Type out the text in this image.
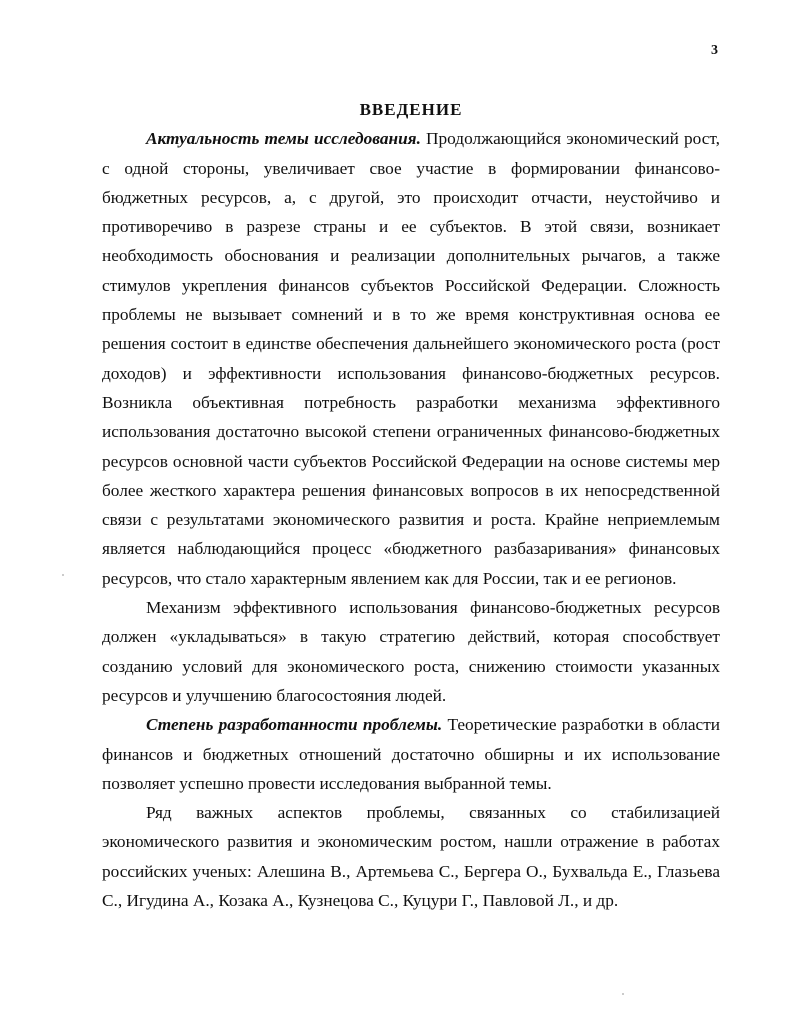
3
ВВЕДЕНИЕ

Актуальность темы исследования. Продолжающийся экономический рост, с одной стороны, увеличивает свое участие в формировании финансово-бюджетных ресурсов, а, с другой, это происходит отчасти, неустойчиво и противоречиво в разрезе страны и ее субъектов. В этой связи, возникает необходимость обоснования и реализации дополнительных рычагов, а также стимулов укрепления финансов субъектов Российской Федерации. Сложность проблемы не вызывает сомнений и в то же время конструктивная основа ее решения состоит в единстве обеспечения дальнейшего экономического роста (рост доходов) и эффективности использования финансово-бюджетных ресурсов. Возникла объективная потребность разработки механизма эффективного использования достаточно высокой степени ограниченных финансово-бюджетных ресурсов основной части субъектов Российской Федерации на основе системы мер более жесткого характера решения финансовых вопросов в их непосредственной связи с результатами экономического развития и роста. Крайне неприемлемым является наблюдающийся процесс «бюджетного разбазаривания» финансовых ресурсов, что стало характерным явлением как для России, так и ее регионов.

Механизм эффективного использования финансово-бюджетных ресурсов должен «укладываться» в такую стратегию действий, которая способствует созданию условий для экономического роста, снижению стоимости указанных ресурсов и улучшению благосостояния людей.

Степень разработанности проблемы. Теоретические разработки в области финансов и бюджетных отношений достаточно обширны и их использование позволяет успешно провести исследования выбранной темы.

Ряд важных аспектов проблемы, связанных со стабилизацией экономического развития и экономическим ростом, нашли отражение в работах российских ученых: Алешина В., Артемьева С., Бергера О., Бухвальда Е., Глазьева С., Игудина А., Козака А., Кузнецова С., Куцури Г., Павловой Л., и др.
